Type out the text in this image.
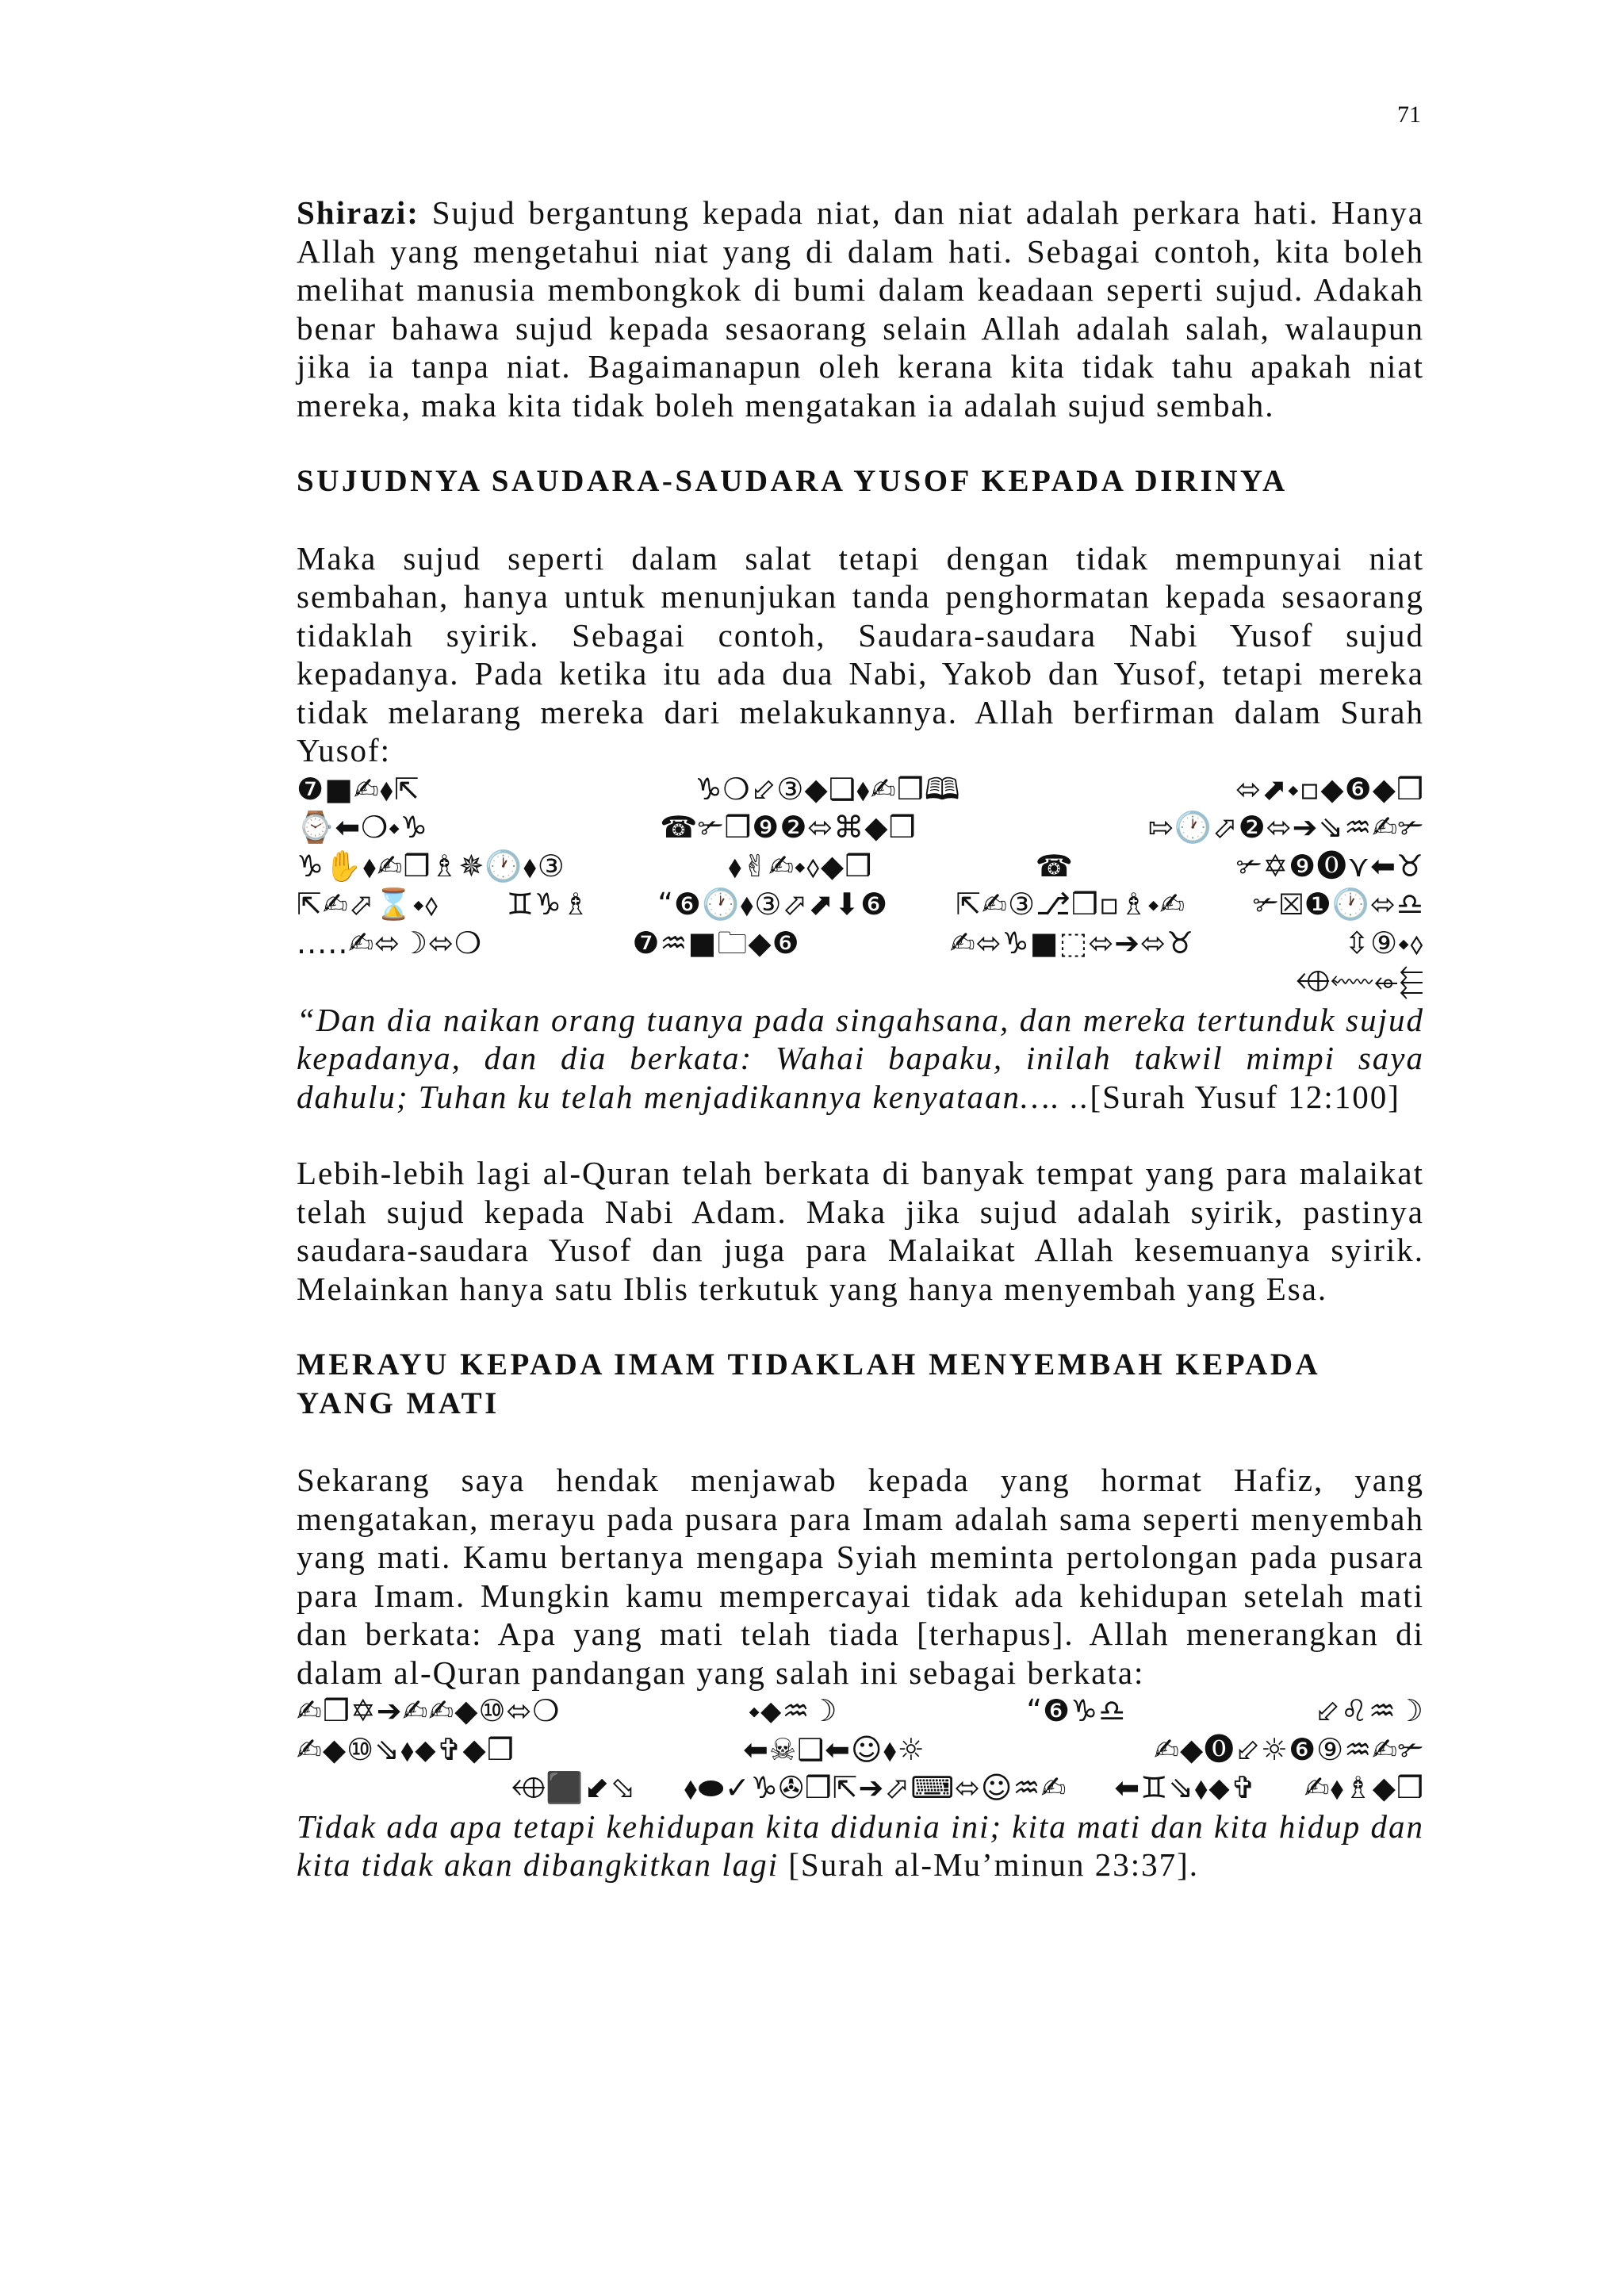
71

Shirazi: Sujud bergantung kepada niat, dan niat adalah perkara hati. Hanya Allah yang mengetahui niat yang di dalam hati. Sebagai contoh, kita boleh melihat manusia membongkok di bumi dalam keadaan seperti sujud. Adakah benar bahawa sujud kepada sesaorang selain Allah adalah salah, walaupun jika ia tanpa niat. Bagaimanapun oleh kerana kita tidak tahu apakah niat mereka, maka kita tidak boleh mengatakan ia adalah sujud sembah.

SUJUDNYA SAUDARA-SAUDARA YUSOF KEPADA DIRINYA

Maka sujud seperti dalam salat tetapi dengan tidak mempunyai niat sembahan, hanya untuk menunjukan tanda penghormatan kepada sesaorang tidaklah syirik. Sebagai contoh, Saudara-saudara Nabi Yusof sujud kepadanya. Pada ketika itu ada dua Nabi, Yakob dan Yusof, tetapi mereka tidak melarang mereka dari melakukannya. Allah berfirman dalam Surah Yusof:

❼■✍⬧⇱	♑❍⬃③◆❑⬧✍❒🕮	⬄⬈⬩▫◆❻◆❒
⌚⬅❍⬩♑	☎✃❒❾❷⬄⌘◆❒	⇰🕐⬀❷⬄➔⇘♒✍✃
♑✋⬧✍❒♗✵🕐⬧③	⬧✌✍⬩⬨◆❒	☎	✃✡❾⓿⋎⬅♉
⇱✍⬀⌛⬩⬨ ♊♑♗ “❻🕐⬧③⬀⬈⬇❻ ⇱✍③⎇❒▫♗⬩✍ ✃⮽❶🕐⬄♎
.....✍⬄☽⬄❍	❼♒■🗀◆❻	✍⬄♑■⬚⬄➔⬄♉	⇳⑨⬩⬨
⬲⬳⬰⬱

“Dan dia naikan orang tuanya pada singahsana, dan mereka tertunduk sujud kepadanya, dan dia berkata: Wahai bapaku, inilah takwil mimpi saya dahulu; Tuhan ku telah menjadikannya kenyataan…. ..[Surah Yusuf 12:100]

Lebih-lebih lagi al-Quran telah berkata di banyak tempat yang para malaikat telah sujud kepada Nabi Adam. Maka jika sujud adalah syirik, pastinya saudara-saudara Yusof dan juga para Malaikat Allah kesemuanya syirik. Melainkan hanya satu Iblis terkutuk yang hanya menyembah yang Esa.

MERAYU KEPADA IMAM TIDAKLAH MENYEMBAH KEPADA YANG MATI

Sekarang saya hendak menjawab kepada yang hormat Hafiz, yang mengatakan, merayu pada pusara para Imam adalah sama seperti menyembah yang mati. Kamu bertanya mengapa Syiah meminta pertolongan pada pusara para Imam. Mungkin kamu mempercayai tidak ada kehidupan setelah mati dan berkata: Apa yang mati telah tiada [terhapus]. Allah menerangkan di dalam al-Quran pandangan yang salah ini sebagai berkata:

✍❒✡➔✍✍◆⑩⬄❍	⬩⬥♒☽	“❻♑♎	⬃♌♒☽
✍◆⑩⇘⬧⬥✞◆❒	⬅☠❑⬅☺⬧☼	✍◆⓿⬃☼❻⑨♒✍✃
⬲⬛⬋⬂ ⬧⬬✓♑✇❒⇱➔⬀⌨⬄☺♒✍ ⬅♊⇘⬧⬥✞ ✍⬧♗◆❒

Tidak ada apa tetapi kehidupan kita didunia ini; kita mati dan kita hidup dan kita tidak akan dibangkitkan lagi [Surah al-Mu’minun 23:37].
